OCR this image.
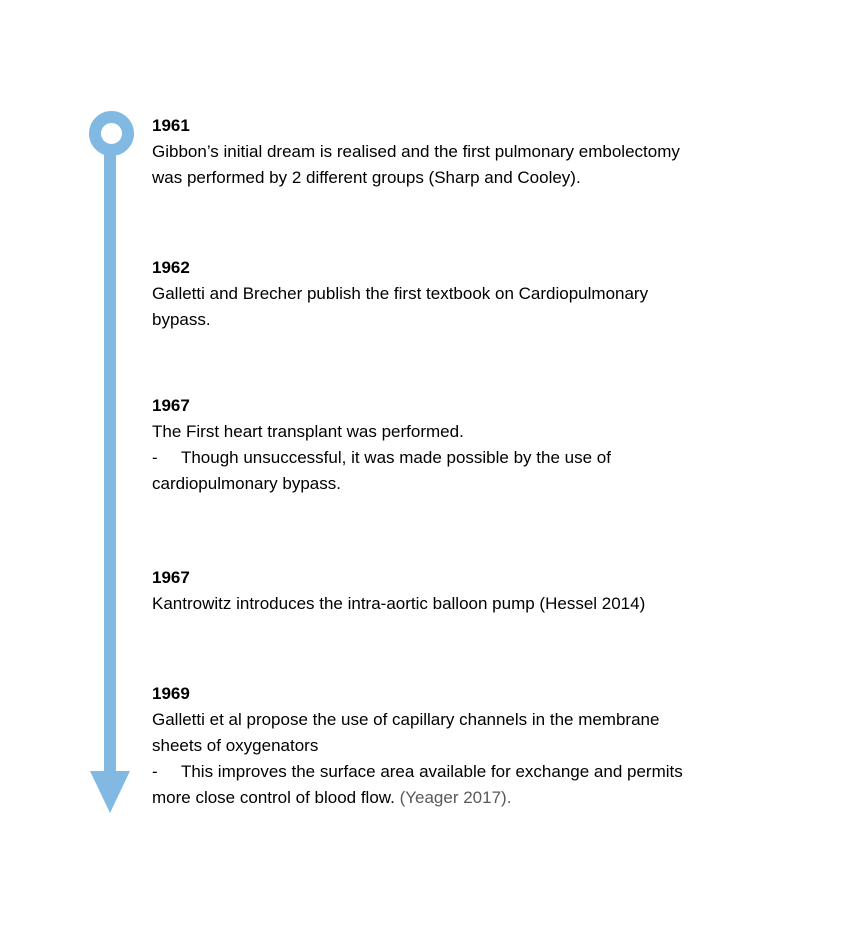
1961
Gibbon’s initial dream is realised and the first pulmonary embolectomy
was performed by 2 different groups (Sharp and Cooley).
1962
Galletti and Brecher publish the first textbook on Cardiopulmonary
bypass.
1967
The First heart transplant was performed.
-     Though unsuccessful, it was made possible by the use of
cardiopulmonary bypass.
1967
Kantrowitz introduces the intra-aortic balloon pump (Hessel 2014)
1969
Galletti et al propose the use of capillary channels in the membrane
sheets of oxygenators
-     This improves the surface area available for exchange and permits
more close control of blood flow. (Yeager 2017).
